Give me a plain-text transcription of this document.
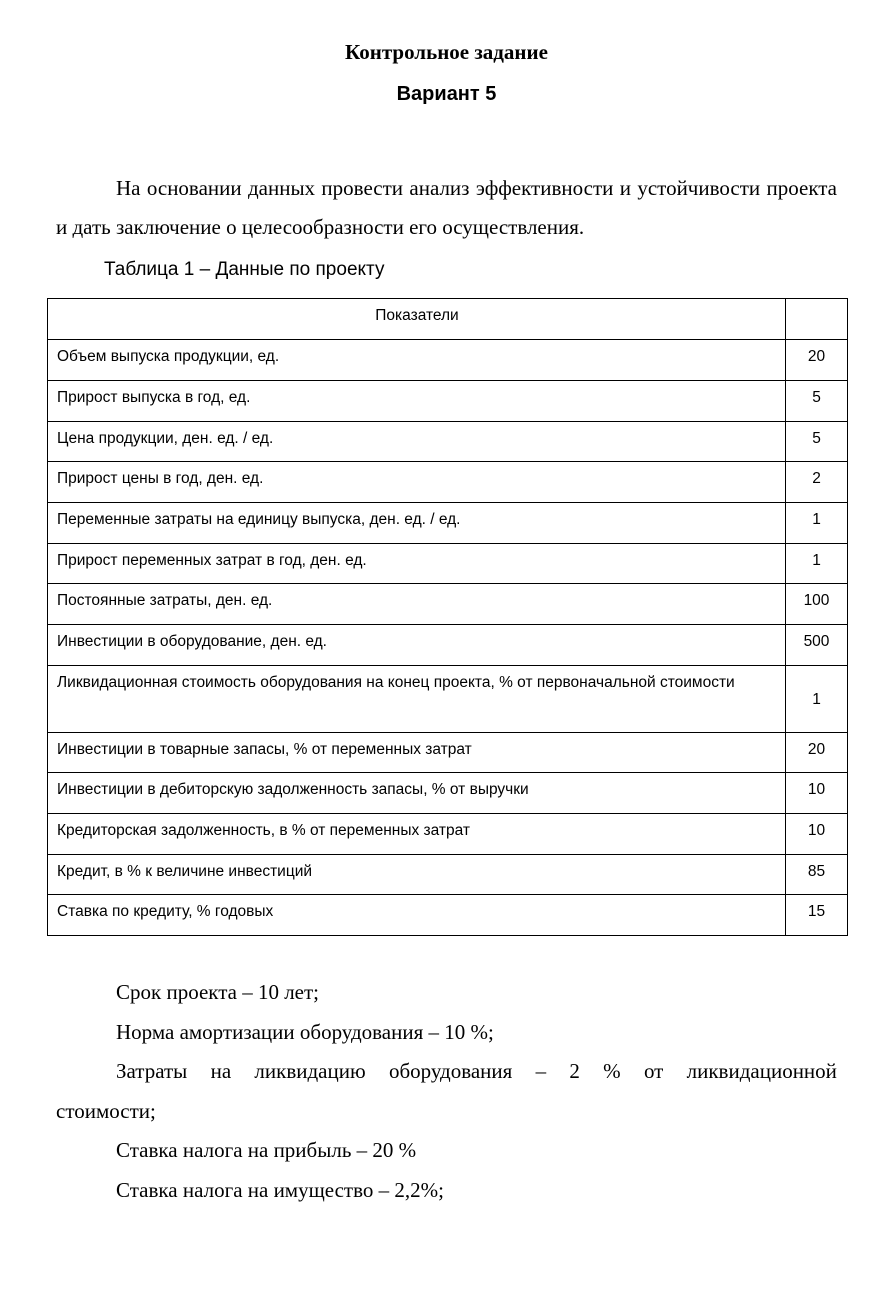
Контрольное задание
Вариант 5

На основании данных провести анализ эффективности и устойчивости проекта и дать заключение о целесообразности его осуществления.

Таблица 1 – Данные по проекту
Показатели	
Объем выпуска продукции, ед.	20
Прирост выпуска в год, ед.	5
Цена продукции, ден. ед. / ед.	5
Прирост цены в год, ден. ед.	2
Переменные затраты на единицу выпуска, ден. ед. / ед.	1
Прирост переменных затрат в год, ден. ед.	1
Постоянные затраты, ден. ед.	100
Инвестиции в оборудование, ден. ед.	500
Ликвидационная стоимость оборудования на конец проекта, % от первоначальной стоимости	1
Инвестиции в товарные запасы, % от переменных затрат	20
Инвестиции в дебиторскую задолженность запасы, % от выручки	10
Кредиторская задолженность, в % от переменных затрат	10
Кредит, в % к величине инвестиций	85
Ставка по кредиту, % годовых	15

Срок проекта – 10 лет;

Норма амортизации оборудования – 10 %;

Затраты на ликвидацию оборудования – 2 % от ликвидационной

стоимости;

Ставка налога на прибыль – 20 %

Ставка налога на имущество – 2,2%;
